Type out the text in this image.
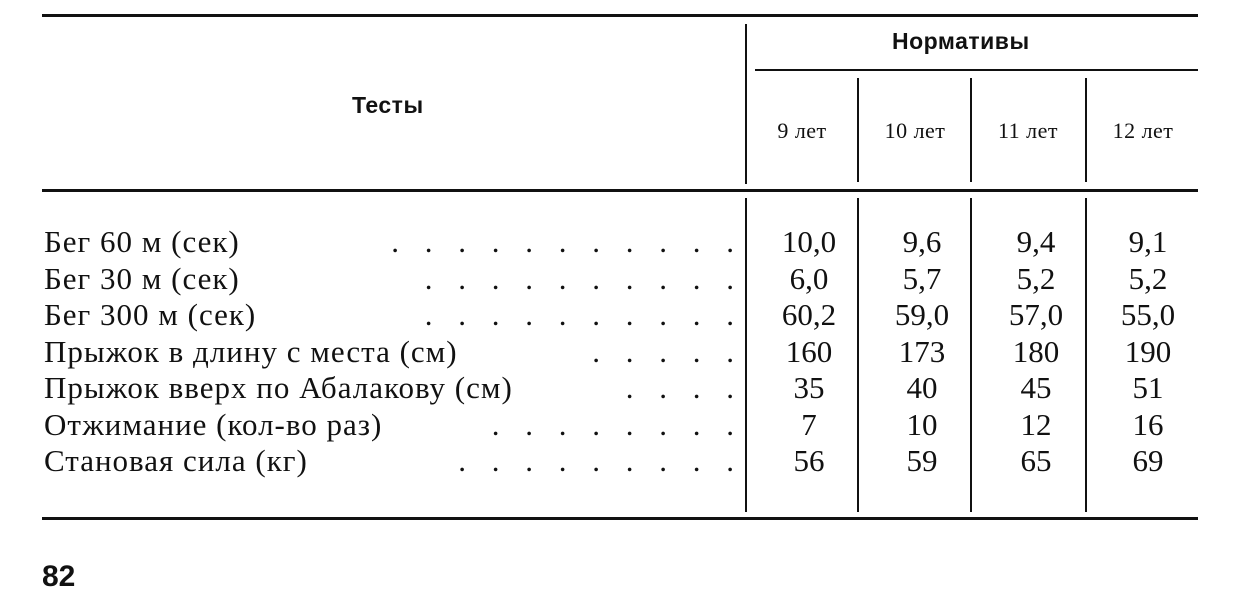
Тесты
Нормативы
9 лет	10 лет	11 лет	12 лет
Бег 60 м (сек)	. . . . . . . . . . .	10,0	9,6	9,4	9,1
Бег 30 м (сек)	. . . . . . . . . .	6,0	5,7	5,2	5,2
Бег 300 м (сек)	. . . . . . . . . .	60,2	59,0	57,0	55,0
Прыжок в длину с места (см)	. . . . .	160	173	180	190
Прыжок вверх по Абалакову (см)	. . . .	35	40	45	51
Отжимание (кол-во раз)	. . . . . . . .	7	10	12	16
Становая сила (кг)	. . . . . . . . .	56	59	65	69
82
